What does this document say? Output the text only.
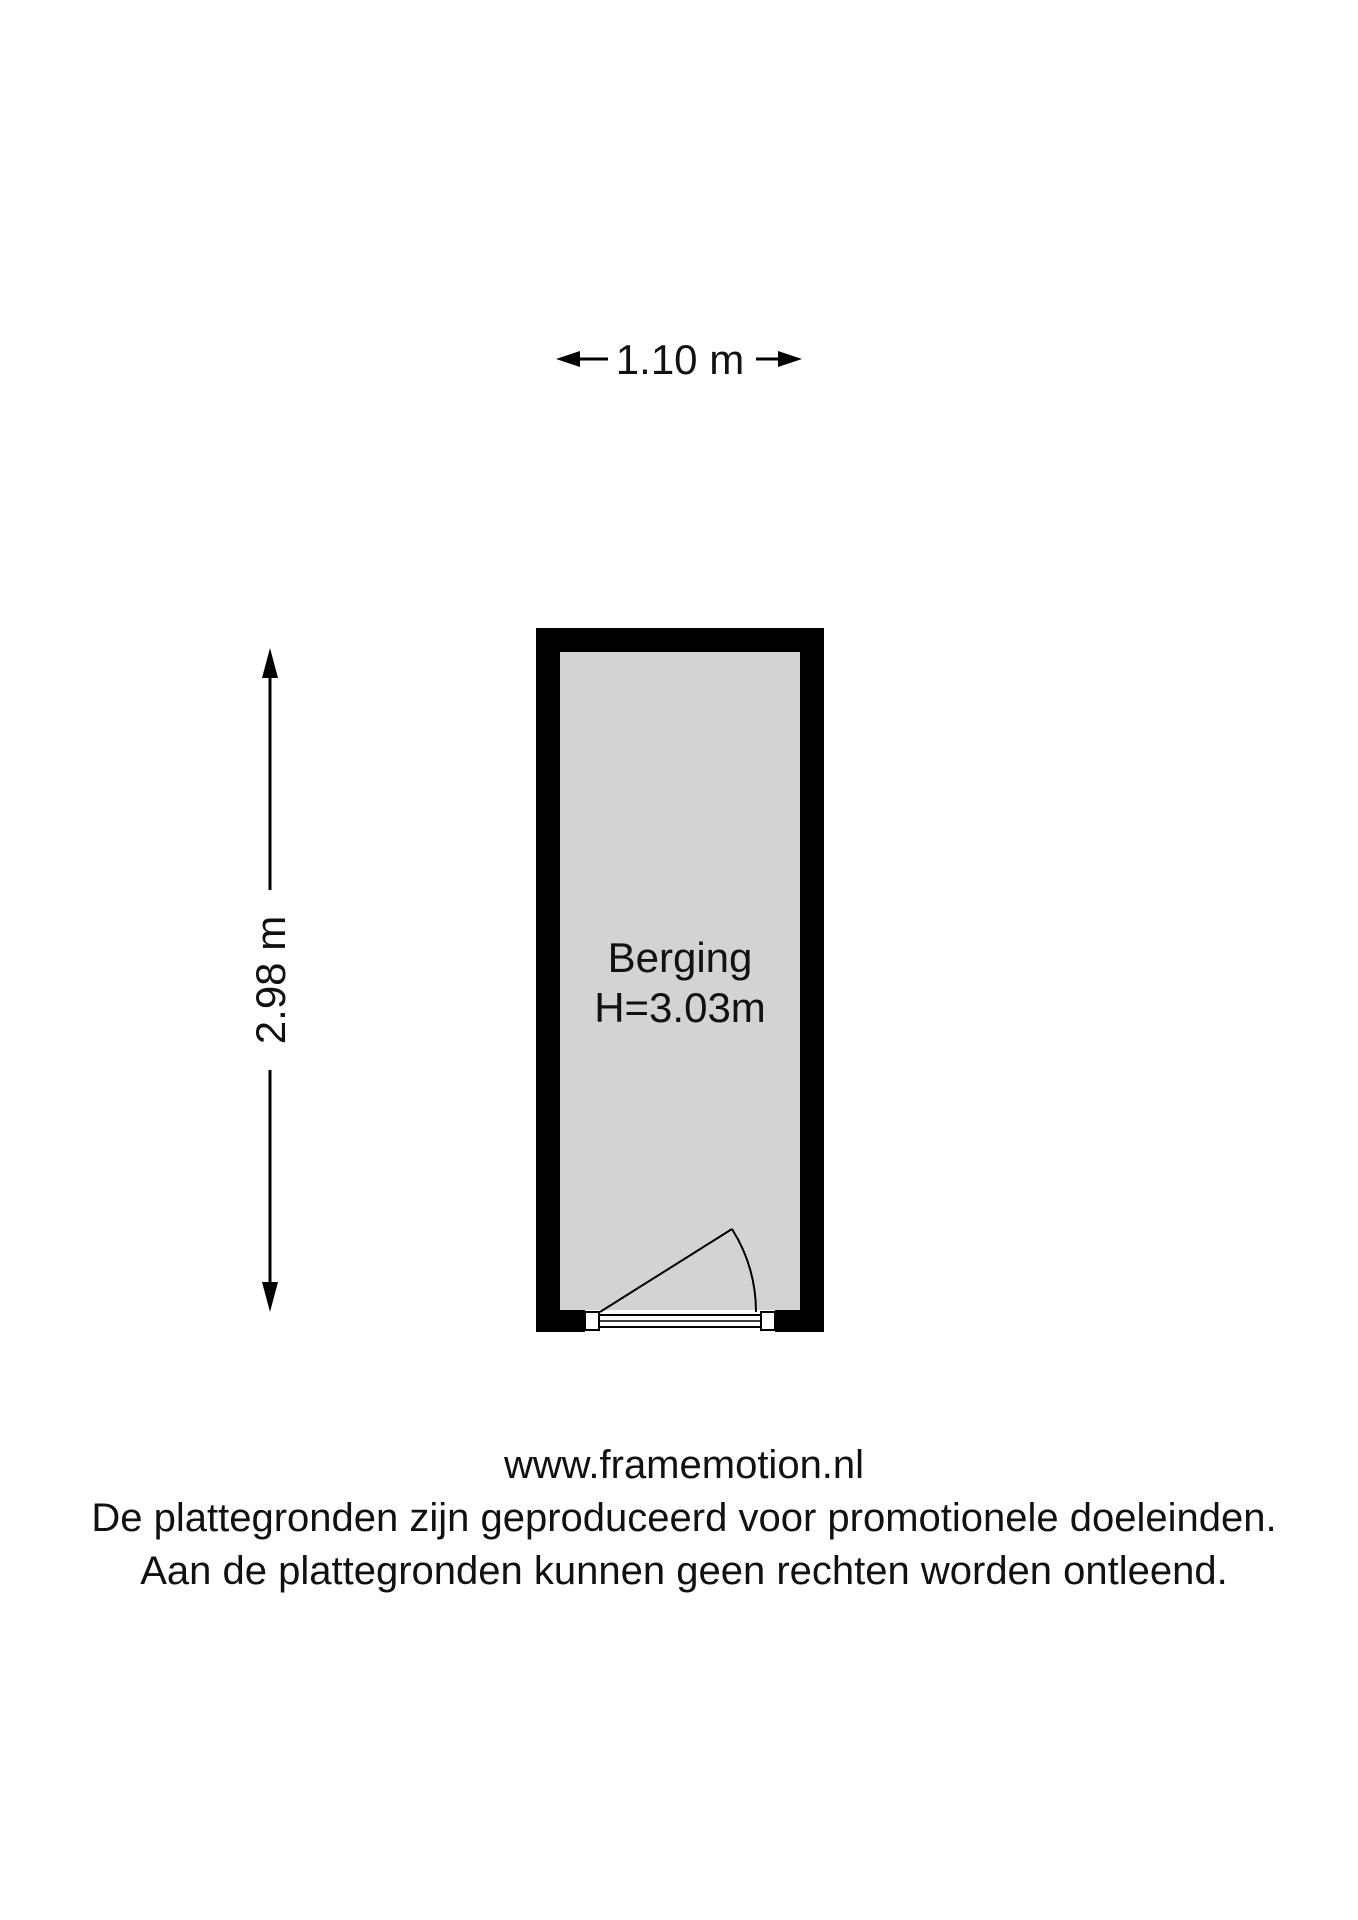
1.10 m
2.98 m	Berging
H=3.03m
www.framemotion.nl
De plattegronden zijn geproduceerd voor promotionele doeleinden.
Aan de plattegronden kunnen geen rechten worden ontleend.
